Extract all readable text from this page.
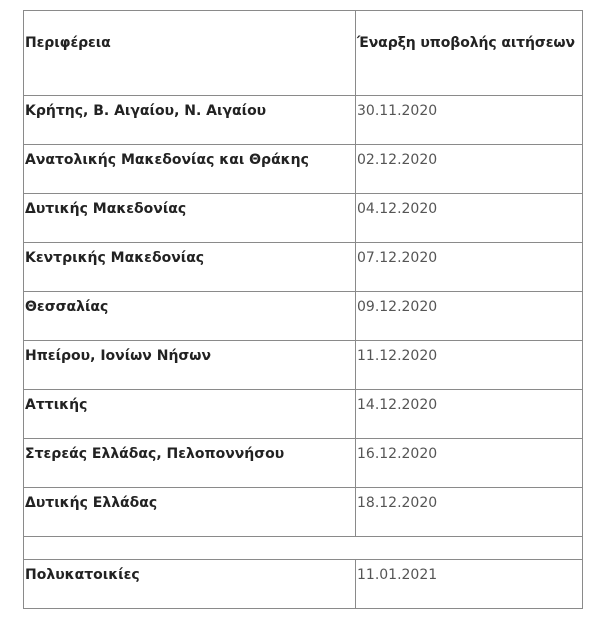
Περιφέρεια	Έναρξη υποβολής αιτήσεων

Κρήτης, Β. Αιγαίου, Ν. Αιγαίου	30.11.2020

Ανατολικής Μακεδονίας και Θράκης	02.12.2020

Δυτικής Μακεδονίας	04.12.2020

Κεντρικής Μακεδονίας	07.12.2020

Θεσσαλίας	09.12.2020

Ηπείρου, Ιονίων Νήσων	11.12.2020

Αττικής	14.12.2020

Στερεάς Ελλάδας, Πελοποννήσου	16.12.2020

Δυτικής Ελλάδας	18.12.2020

Πολυκατοικίες	11.01.2021
